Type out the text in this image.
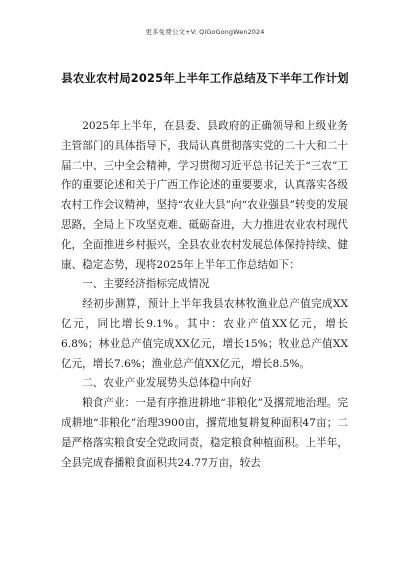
更多免费公文+V: QiGoGongWen2024
县农业农村局2025年上半年工作总结及下半年工作计划

2025年上半年，在县委、县政府的正确领导和上级业务主管部门的具体指导下，我局认真贯彻落实党的二十大和二十届二中、三中全会精神，学习贯彻习近平总书记关于“三农”工作的重要论述和关于广西工作论述的重要要求，认真落实各级农村工作会议精神，坚持“农业大县”向“农业强县”转变的发展思路，全局上下攻坚克难、砥砺奋进，大力推进农业农村现代化，全面推进乡村振兴，全县农业农村发展总体保持持续、健康、稳定态势，现将2025年上半年工作总结如下：

一、主要经济指标完成情况

经初步测算，预计上半年我县农林牧渔业总产值完成XX亿元，同比增长9.1%。其中：农业产值XX亿元，增长6.8%；林业总产值完成XX亿元，增长15%；牧业总产值XX亿元，增长7.6%；渔业总产值XX亿元，增长8.5%。

二、农业产业发展势头总体稳中向好

粮食产业：一是有序推进耕地“非粮化”及撂荒地治理。完成耕地“非粮化”治理3900亩，撂荒地复耕复种面积47亩；二是严格落实粮食安全党政同责，稳定粮食种植面积。上半年，全县完成春播粮食面积共24.77万亩，较去
